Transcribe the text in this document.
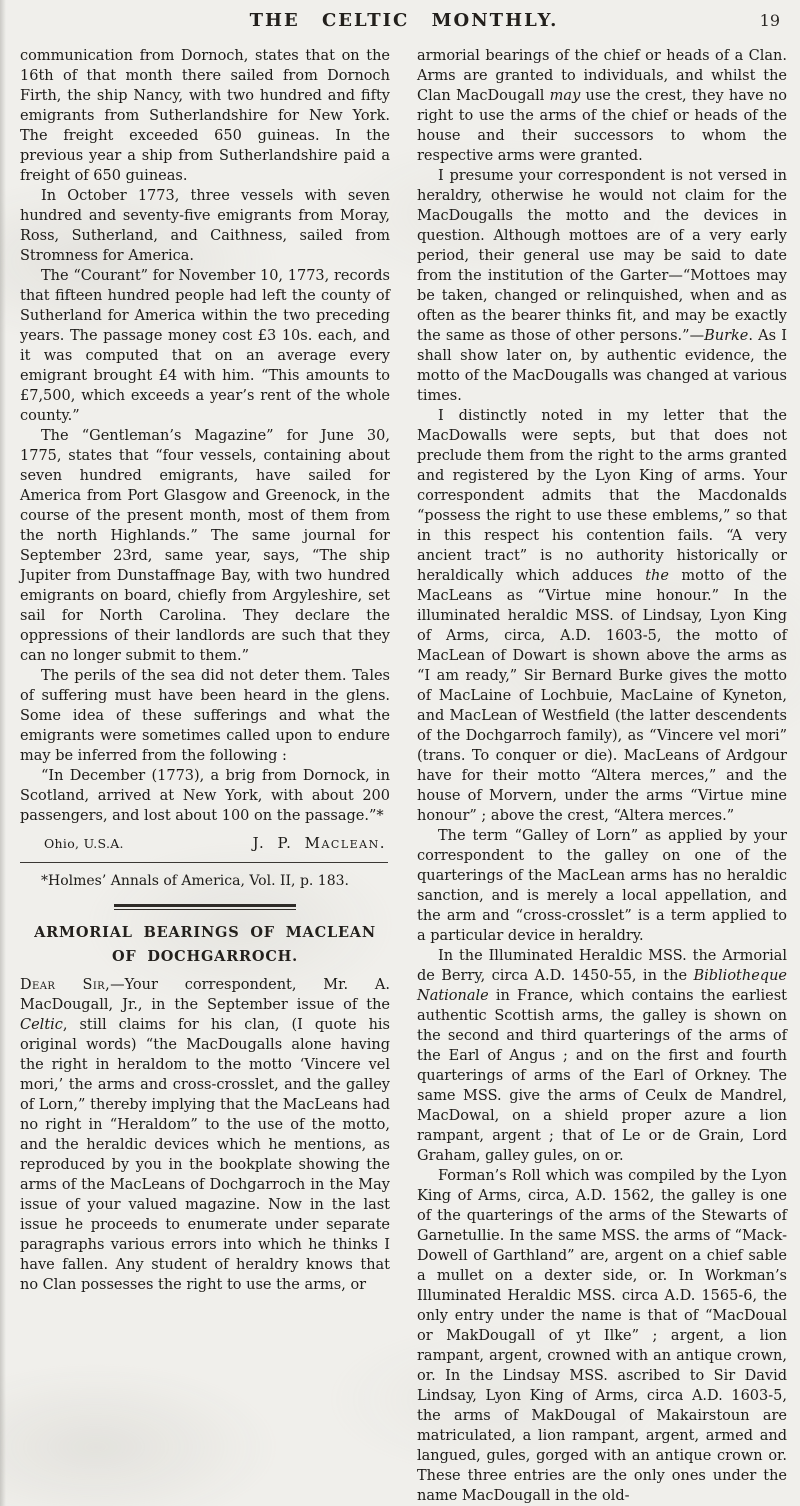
THE CELTIC MONTHLY.	19

communication from Dornoch, states that on the 16th of that month there sailed from Dornoch Firth, the ship Nancy, with two hundred and fifty emigrants from Sutherlandshire for New York. The freight exceeded 650 guineas. In the previous year a ship from Sutherlandshire paid a freight of 650 guineas.

In October 1773, three vessels with seven hundred and seventy-five emigrants from Moray, Ross, Sutherland, and Caithness, sailed from Stromness for America.

The “Courant” for November 10, 1773, records that fifteen hundred people had left the county of Sutherland for America within the two preceding years. The passage money cost £3 10s. each, and it was computed that on an average every emigrant brought £4 with him. “This amounts to £7,500, which exceeds a year’s rent of the whole county.”

The “Gentleman’s Magazine” for June 30, 1775, states that “four vessels, containing about seven hundred emigrants, have sailed for America from Port Glasgow and Greenock, in the course of the present month, most of them from the north Highlands.” The same journal for September 23rd, same year, says, “The ship Jupiter from Dunstaffnage Bay, with two hundred emigrants on board, chiefly from Argyleshire, set sail for North Carolina. They declare the oppressions of their landlords are such that they can no longer submit to them.”

The perils of the sea did not deter them. Tales of suffering must have been heard in the glens. Some idea of these sufferings and what the emigrants were sometimes called upon to endure may be inferred from the following :

“In December (1773), a brig from Dornock, in Scotland, arrived at New York, with about 200 passengers, and lost about 100 on the passage.”*

Ohio, U.S.A.	J. P. Maclean.

*Holmes’ Annals of America, Vol. II, p. 183.

ARMORIAL BEARINGS OF MACLEAN OF DOCHGARROCH.

Dear Sir,—Your correspondent, Mr. A. MacDougall, Jr., in the September issue of the Celtic, still claims for his clan, (I quote his original words) “the MacDougalls alone having the right in heraldom to the motto ‘Vincere vel mori,’ the arms and cross-crosslet, and the galley of Lorn,” thereby implying that the MacLeans had no right in “Heraldom” to the use of the motto, and the heraldic devices which he mentions, as reproduced by you in the bookplate showing the arms of the MacLeans of Dochgarroch in the May issue of your valued magazine. Now in the last issue he proceeds to enumerate under separate paragraphs various errors into which he thinks I have fallen. Any student of heraldry knows that no Clan possesses the right to use the arms, or

armorial bearings of the chief or heads of a Clan. Arms are granted to individuals, and whilst the Clan MacDougall may use the crest, they have no right to use the arms of the chief or heads of the house and their successors to whom the respective arms were granted.

I presume your correspondent is not versed in heraldry, otherwise he would not claim for the MacDougalls the motto and the devices in question. Although mottoes are of a very early period, their general use may be said to date from the institution of the Garter—“Mottoes may be taken, changed or relinquished, when and as often as the bearer thinks fit, and may be exactly the same as those of other persons.”—Burke. As I shall show later on, by authentic evidence, the motto of the MacDougalls was changed at various times.

I distinctly noted in my letter that the MacDowalls were septs, but that does not preclude them from the right to the arms granted and registered by the Lyon King of arms. Your correspondent admits that the Macdonalds “possess the right to use these emblems,” so that in this respect his contention fails. “A very ancient tract” is no authority historically or heraldically which adduces the motto of the MacLeans as “Virtue mine honour.” In the illuminated heraldic MSS. of Lindsay, Lyon King of Arms, circa, A.D. 1603-5, the motto of MacLean of Dowart is shown above the arms as “I am ready,” Sir Bernard Burke gives the motto of MacLaine of Lochbuie, MacLaine of Kyneton, and MacLean of Westfield (the latter descendents of the Dochgarroch family), as “Vincere vel mori” (trans. To conquer or die). MacLeans of Ardgour have for their motto “Altera merces,” and the house of Morvern, under the arms “Virtue mine honour” ; above the crest, “Altera merces.”

The term “Galley of Lorn” as applied by your correspondent to the galley on one of the quarterings of the MacLean arms has no heraldic sanction, and is merely a local appellation, and the arm and “cross-crosslet” is a term applied to a particular device in heraldry.

In the Illuminated Heraldic MSS. the Armorial de Berry, circa A.D. 1450-55, in the Bibliotheque Nationale in France, which contains the earliest authentic Scottish arms, the galley is shown on the second and third quarterings of the arms of the Earl of Angus ; and on the first and fourth quarterings of arms of the Earl of Orkney. The same MSS. give the arms of Ceulx de Mandrel, MacDowal, on a shield proper azure a lion rampant, argent ; that of Le or de Grain, Lord Graham, galley gules, on or.

Forman’s Roll which was compiled by the Lyon King of Arms, circa, A.D. 1562, the galley is one of the quarterings of the arms of the Stewarts of Garnetullie. In the same MSS. the arms of “Mack-Dowell of Garthland” are, argent on a chief sable a mullet on a dexter side, or. In Workman’s Illuminated Heraldic MSS. circa A.D. 1565-6, the only entry under the name is that of “MacDoual or MakDougall of yt Ilke” ; argent, a lion rampant, argent, crowned with an antique crown, or. In the Lindsay MSS. ascribed to Sir David Lindsay, Lyon King of Arms, circa A.D. 1603-5, the arms of MakDougal of Makairstoun are matriculated, a lion rampant, argent, armed and langued, gules, gorged with an antique crown or. These three entries are the only ones under the name MacDougall in the old-
